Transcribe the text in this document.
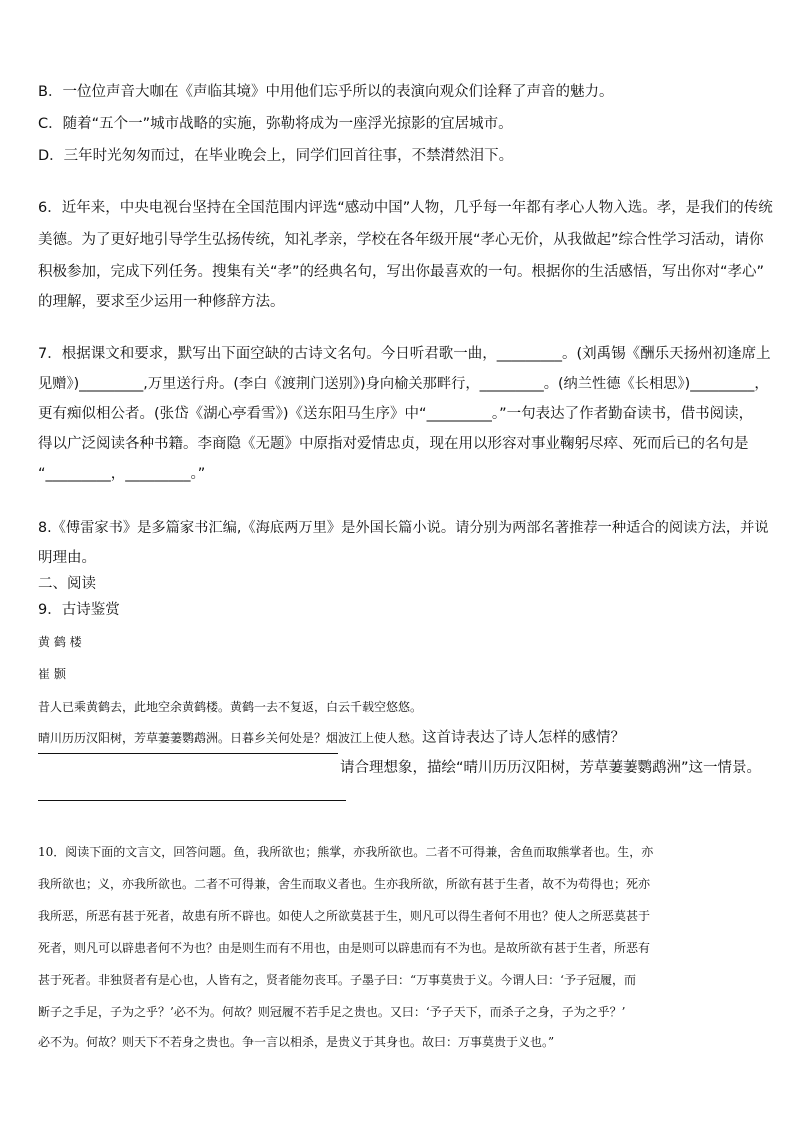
B．一位位声音大咖在《声临其境》中用他们忘乎所以的表演向观众们诠释了声音的魅力。
C．随着“五个一”城市战略的实施，弥勒将成为一座浮光掠影的宜居城市。
D．三年时光匆匆而过，在毕业晚会上，同学们回首往事，不禁潸然泪下。
6．近年来，中央电视台坚持在全国范围内评选“感动中国”人物，几乎每一年都有孝心人物入选。孝，是我们的传统
美德。为了更好地引导学生弘扬传统，知礼孝亲，学校在各年级开展“孝心无价，从我做起”综合性学习活动，请你
积极参加，完成下列任务。搜集有关“孝”的经典名句，写出你最喜欢的一句。根据你的生活感悟，写出你对“孝心”
的理解，要求至少运用一种修辞方法。
7．根据课文和要求，默写出下面空缺的古诗文名句。今日听君歌一曲，_________。(刘禹锡《酬乐天扬州初逢席上
见赠》)_________,万里送行舟。(李白《渡荆门送别》)身向榆关那畔行，_________。(纳兰性德《长相思》)_________，
更有痴似相公者。(张岱《湖心亭看雪》)《送东阳马生序》中“_________。”一句表达了作者勤奋读书，借书阅读，
得以广泛阅读各种书籍。李商隐《无题》中原指对爱情忠贞，现在用以形容对事业鞠躬尽瘁、死而后已的名句是
“_________，_________。”
8.《傅雷家书》是多篇家书汇编,《海底两万里》是外国长篇小说。请分别为两部名著推荐一种适合的阅读方法，并说
明理由。
二、阅读
9．古诗鉴赏
黄 鹤 楼
崔 颢
昔人已乘黄鹤去，此地空余黄鹤楼。黄鹤一去不复返，白云千载空悠悠。
晴川历历汉阳树，芳草萋萋鹦鹉洲。日暮乡关何处是？烟波江上使人愁。这首诗表达了诗人怎样的感情？
请合理想象，描绘“晴川历历汉阳树，芳草萋萋鹦鹉洲”这一情景。
10．阅读下面的文言文，回答问题。鱼，我所欲也；熊掌，亦我所欲也。二者不可得兼，舍鱼而取熊掌者也。生，亦
我所欲也；义，亦我所欲也。二者不可得兼，舍生而取义者也。生亦我所欲，所欲有甚于生者，故不为苟得也；死亦
我所恶，所恶有甚于死者，故患有所不辟也。如使人之所欲莫甚于生，则凡可以得生者何不用也？使人之所恶莫甚于
死者，则凡可以辟患者何不为也？由是则生而有不用也，由是则可以辟患而有不为也。是故所欲有甚于生者，所恶有
甚于死者。非独贤者有是心也，人皆有之，贤者能勿丧耳。子墨子曰：“万事莫贵于义。今谓人曰：‘予子冠履，而
断子之手足，子为之乎？’必不为。何故？则冠履不若手足之贵也。又曰：‘予子天下，而杀子之身，子为之乎？’
必不为。何故？则天下不若身之贵也。争一言以相杀，是贵义于其身也。故曰：万事莫贵于义也。”
